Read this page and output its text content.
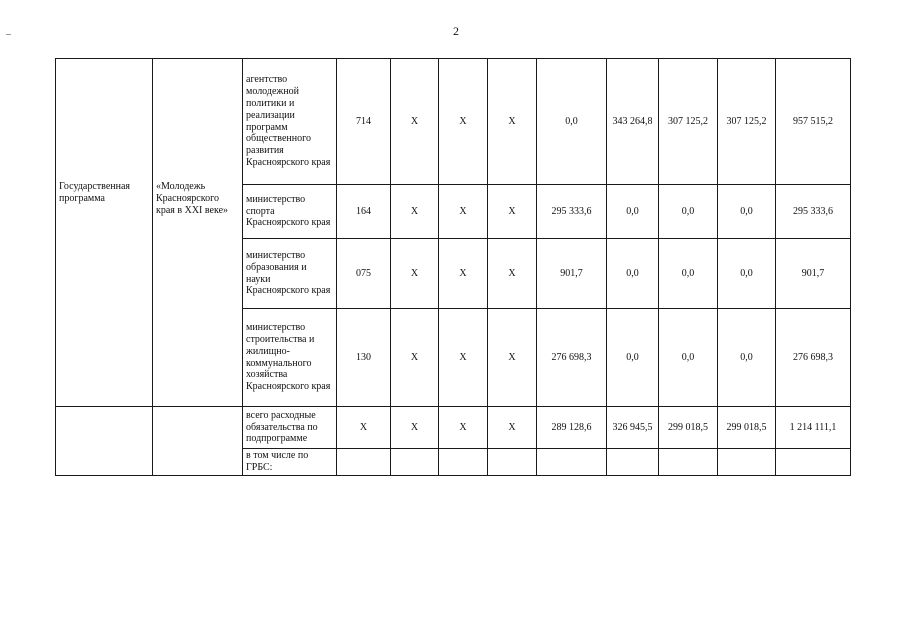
2
Государственная программа	«Молодежь Красноярского края в XXI веке»	агентство молодежной политики и реализации программ общественного развития Красноярского края	714	X	X	X	0,0	343 264,8	307 125,2	307 125,2	957 515,2
		министерство спорта Красноярского края	164	X	X	X	295 333,6	0,0	0,0	0,0	295 333,6
		министерство образования и науки Красноярского края	075	X	X	X	901,7	0,0	0,0	0,0	901,7
		министерство строительства и жилищно-коммунального хозяйства Красноярского края	130	X	X	X	276 698,3	0,0	0,0	0,0	276 698,3
		всего расходные обязательства по подпрограмме	X	X	X	X	289 128,6	326 945,5	299 018,5	299 018,5	1 214 111,1
		в том числе по ГРБС:									
